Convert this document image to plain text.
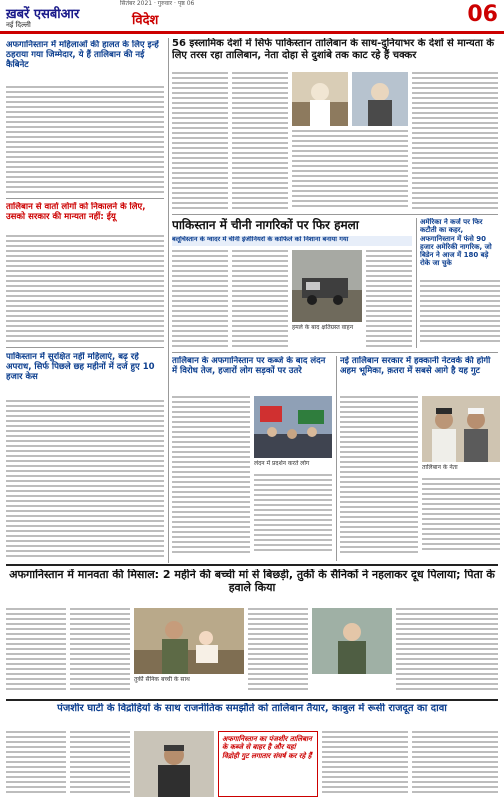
ख़बरें एसबीआर
नई दिल्ली
सितंबर 2021 · गुरुवार · पृष्ठ 06
विदेश	06
अफगानिस्तान में महिलाओं की हालत के लिए इन्हें ठहराया गया जिम्मेदार, ये हैं तालिबान की नई कैबिनेट
तालिबान से वार्ता लोगों को निकालने के लिए, उसको सरकार की मान्यता नहीं: ईयू
पाकिस्तान में सुरक्षित नहीं महिलाएं, बढ़ रहे अपराध, सिर्फ पिछले छह महीनों में दर्ज हुए 10 हजार केस
56 इस्लामिक देशों में सिर्फ पाकिस्तान तालिबान के साथ-दुनियाभर के देशों से मान्यता के लिए तरस रहा तालिबान, नेता दोहा से दुशांबे तक काट रहे हैं चक्कर
पाकिस्तान में चीनी नागरिकों पर फिर हमला
बलूचिस्तान के ग्वादर में चीनी इंजीनियरों के काफिले को निशाना बनाया गया
हमले के बाद क्षतिग्रस्त वाहन
अमेरिका ने कर्ज पर फिर कटौती का कहर, अफगानिस्तान में फंसे 90 हजार अमेरिकी नागरिक, जो बिडेन ने आज में 180 बड़े रोके जा चुके
तालिबान के अफगानिस्तान पर कब्जे के बाद लंदन में विरोध तेज, हजारों लोग सड़कों पर उतरे
लंदन में प्रदर्शन करते लोग
नई तालिबान सरकार में हक्कानी नेटवर्क की होगी अहम भूमिका, क़तरा में सबसे आगे है यह गुट
तालिबान के नेता
अफगानिस्तान में मानवता की मिसाल: 2 महीने की बच्ची मां से बिछड़ी, तुर्की के सैनिकों ने नहलाकर दूध पिलाया; पिता के हवाले किया
तुर्की सैनिक बच्ची के साथ
पंजशीर घाटी के विद्रोहियों के साथ राजनीतिक समझौते को तालिबान तैयार, काबुल में रूसी राजदूत का दावा
अफगानिस्तान का पंजशीर तालिबान के कब्जे से बाहर है और यहां विद्रोही गुट लगातार संघर्ष कर रहे हैं
